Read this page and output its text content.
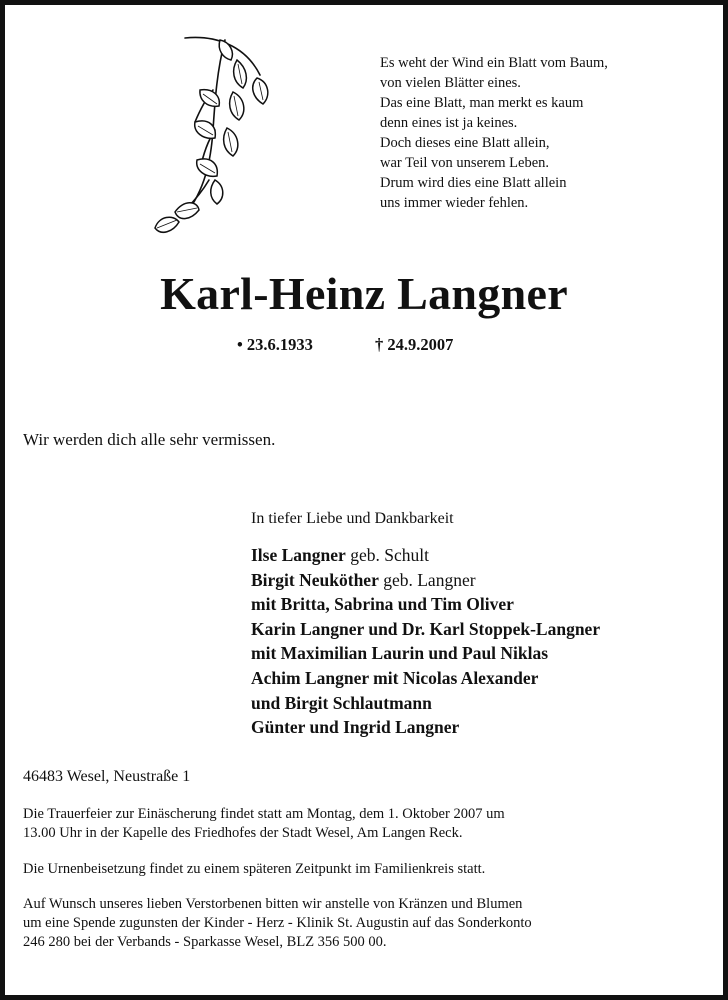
Es weht der Wind ein Blatt vom Baum,
von vielen Blätter eines.
Das eine Blatt, man merkt es kaum
denn eines ist ja keines.
Doch dieses eine Blatt allein,
war Teil von unserem Leben.
Drum wird dies eine Blatt allein
uns immer wieder fehlen.
Karl-Heinz Langner
• 23.6.1933	† 24.9.2007
Wir werden dich alle sehr vermissen.
In tiefer Liebe und Dankbarkeit
Ilse Langner geb. Schult
Birgit Neuköther geb. Langner
mit Britta, Sabrina und Tim Oliver
Karin Langner und Dr. Karl Stoppek-Langner
mit Maximilian Laurin und Paul Niklas
Achim Langner mit Nicolas Alexander
und Birgit Schlautmann
Günter und Ingrid Langner
46483 Wesel, Neustraße 1
Die Trauerfeier zur Einäscherung findet statt am Montag, dem 1. Oktober 2007 um
13.00 Uhr in der Kapelle des Friedhofes der Stadt Wesel, Am Langen Reck.
Die Urnenbeisetzung findet zu einem späteren Zeitpunkt im Familienkreis statt.
Auf Wunsch unseres lieben Verstorbenen bitten wir anstelle von Kränzen und Blumen
um eine Spende zugunsten der Kinder - Herz - Klinik St. Augustin auf das Sonderkonto
246 280 bei der Verbands - Sparkasse Wesel, BLZ 356 500 00.
